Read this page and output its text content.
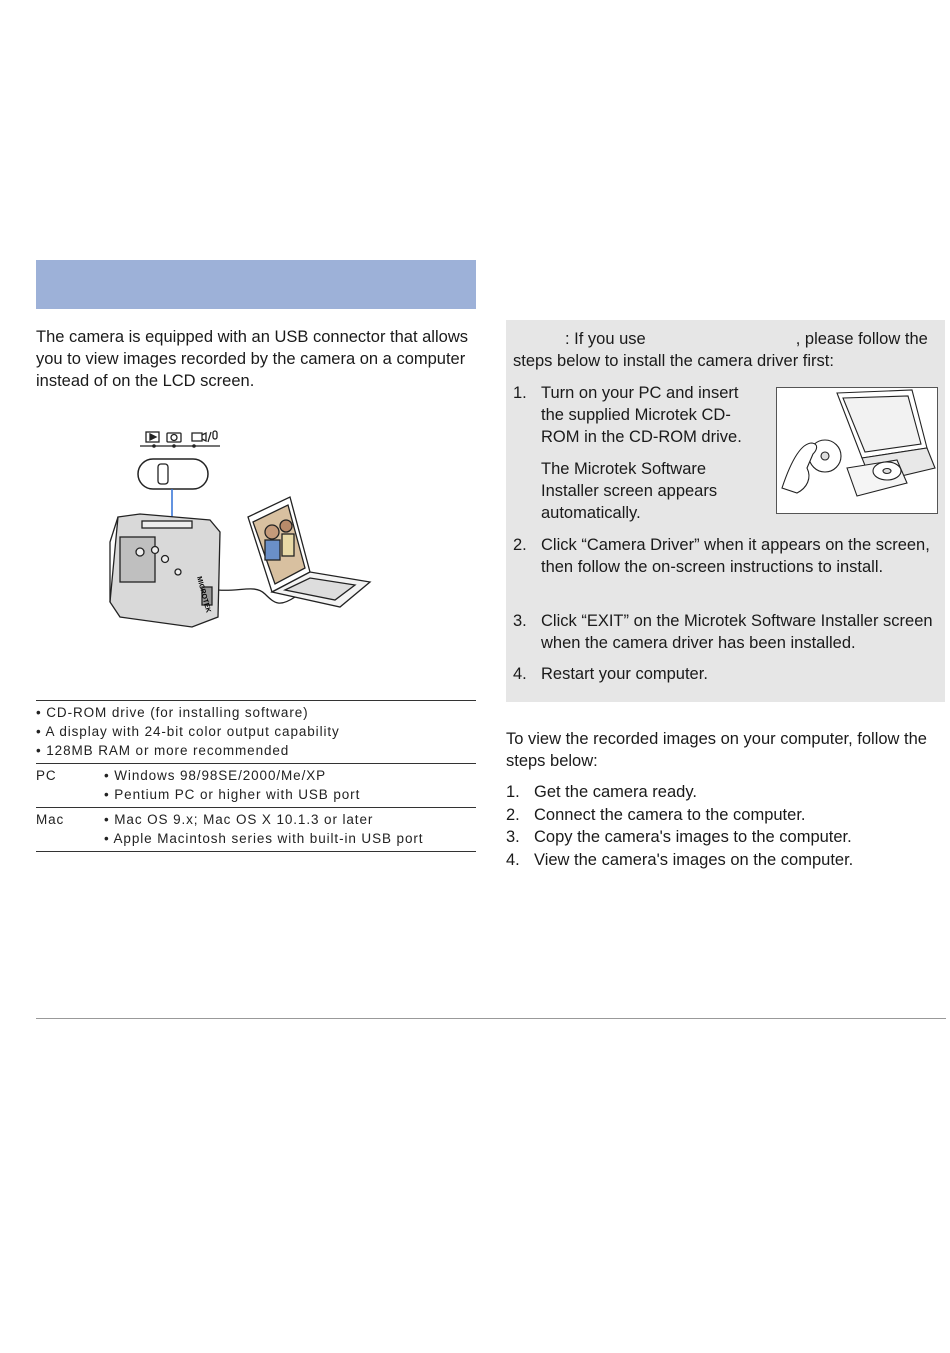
The camera is equipped with an USB connector that allows you to view images recorded by the camera on a computer instead of on the LCD screen.
MICROTEK
• CD-ROM drive (for installing software)
• A display with 24-bit color output capability
• 128MB RAM or more recommended
PC	• Windows 98/98SE/2000/Me/XP
• Pentium PC or higher with USB port
Mac	• Mac OS 9.x; Mac OS X 10.1.3 or later
• Apple Macintosh series with built-in USB port
: If you use	, please follow the steps below to install the camera driver first:
1. Turn on your PC and insert the supplied Microtek CD-ROM in the CD-ROM drive.
The Microtek Software Installer screen appears automatically.
2. Click “Camera Driver” when it appears on the screen, then follow the on-screen instructions to install.
3. Click “EXIT” on the Microtek Software Installer screen when the camera driver has been installed.
4. Restart your computer.
To view the recorded images on your computer, follow the steps below:
1. Get the camera ready.
2. Connect the camera to the computer.
3. Copy the camera's images to the computer.
4. View the camera's images on the computer.
